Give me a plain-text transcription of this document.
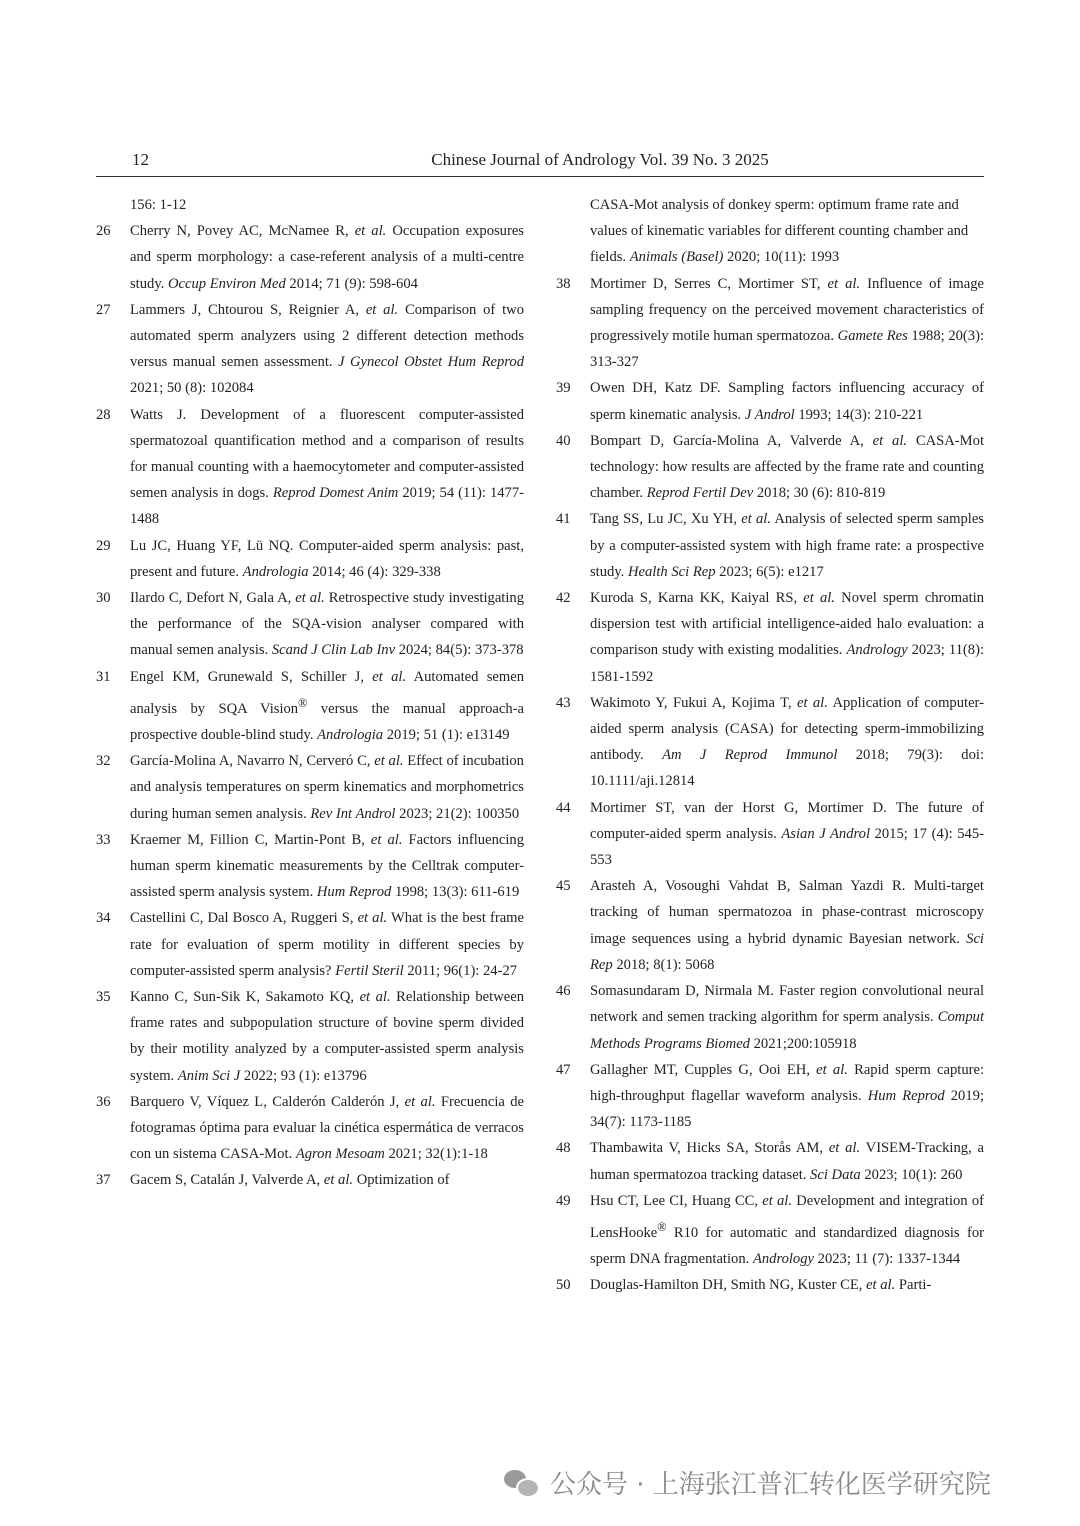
12	Chinese Journal of Andrology Vol. 39 No. 3 2025
156: 1-12
26 Cherry N, Povey AC, McNamee R, et al. Occupation exposures and sperm morphology: a case-referent analysis of a multi-centre study. Occup Environ Med 2014; 71 (9): 598-604
27 Lammers J, Chtourou S, Reignier A, et al. Comparison of two automated sperm analyzers using 2 different detection methods versus manual semen assessment. J Gynecol Obstet Hum Reprod 2021; 50 (8): 102084
28 Watts J. Development of a fluorescent computer-assisted spermatozoal quantification method and a comparison of results for manual counting with a haemocytometer and computer-assisted semen analysis in dogs. Reprod Domest Anim 2019; 54 (11): 1477-1488
29 Lu JC, Huang YF, Lü NQ. Computer-aided sperm analysis: past, present and future. Andrologia 2014; 46 (4): 329-338
30 Ilardo C, Defort N, Gala A, et al. Retrospective study investigating the performance of the SQA-vision analyser compared with manual semen analysis. Scand J Clin Lab Inv 2024; 84(5): 373-378
31 Engel KM, Grunewald S, Schiller J, et al. Automated semen analysis by SQA Vision® versus the manual approach-a prospective double-blind study. Andrologia 2019; 51 (1): e13149
32 García-Molina A, Navarro N, Cerveró C, et al. Effect of incubation and analysis temperatures on sperm kinematics and morphometrics during human semen analysis. Rev Int Androl 2023; 21(2): 100350
33 Kraemer M, Fillion C, Martin-Pont B, et al. Factors influencing human sperm kinematic measurements by the Celltrak computer-assisted sperm analysis system. Hum Reprod 1998; 13(3): 611-619
34 Castellini C, Dal Bosco A, Ruggeri S, et al. What is the best frame rate for evaluation of sperm motility in different species by computer-assisted sperm analysis? Fertil Steril 2011; 96(1): 24-27
35 Kanno C, Sun-Sik K, Sakamoto KQ, et al. Relationship between frame rates and subpopulation structure of bovine sperm divided by their motility analyzed by a computer-assisted sperm analysis system. Anim Sci J 2022; 93 (1): e13796
36 Barquero V, Víquez L, Calderón Calderón J, et al. Frecuencia de fotogramas óptima para evaluar la cinética espermática de verracos con un sistema CASA-Mot. Agron Mesoam 2021; 32(1):1-18
37 Gacem S, Catalán J, Valverde A, et al. Optimization of
CASA-Mot analysis of donkey sperm: optimum frame rate and values of kinematic variables for different counting chamber and fields. Animals (Basel) 2020; 10(11): 1993
38 Mortimer D, Serres C, Mortimer ST, et al. Influence of image sampling frequency on the perceived movement characteristics of progressively motile human spermatozoa. Gamete Res 1988; 20(3): 313-327
39 Owen DH, Katz DF. Sampling factors influencing accuracy of sperm kinematic analysis. J Androl 1993; 14(3): 210-221
40 Bompart D, García-Molina A, Valverde A, et al. CASA-Mot technology: how results are affected by the frame rate and counting chamber. Reprod Fertil Dev 2018; 30 (6): 810-819
41 Tang SS, Lu JC, Xu YH, et al. Analysis of selected sperm samples by a computer-assisted system with high frame rate: a prospective study. Health Sci Rep 2023; 6(5): e1217
42 Kuroda S, Karna KK, Kaiyal RS, et al. Novel sperm chromatin dispersion test with artificial intelligence-aided halo evaluation: a comparison study with existing modalities. Andrology 2023; 11(8): 1581-1592
43 Wakimoto Y, Fukui A, Kojima T, et al. Application of computer-aided sperm analysis (CASA) for detecting sperm-immobilizing antibody. Am J Reprod Immunol 2018; 79(3): doi: 10.1111/aji.12814
44 Mortimer ST, van der Horst G, Mortimer D. The future of computer-aided sperm analysis. Asian J Androl 2015; 17 (4): 545-553
45 Arasteh A, Vosoughi Vahdat B, Salman Yazdi R. Multi-target tracking of human spermatozoa in phase-contrast microscopy image sequences using a hybrid dynamic Bayesian network. Sci Rep 2018; 8(1): 5068
46 Somasundaram D, Nirmala M. Faster region convolutional neural network and semen tracking algorithm for sperm analysis. Comput Methods Programs Biomed 2021;200:105918
47 Gallagher MT, Cupples G, Ooi EH, et al. Rapid sperm capture: high-throughput flagellar waveform analysis. Hum Reprod 2019; 34(7): 1173-1185
48 Thambawita V, Hicks SA, Storås AM, et al. VISEM-Tracking, a human spermatozoa tracking dataset. Sci Data 2023; 10(1): 260
49 Hsu CT, Lee CI, Huang CC, et al. Development and integration of LensHooke® R10 for automatic and standardized diagnosis for sperm DNA fragmentation. Andrology 2023; 11 (7): 1337-1344
50 Douglas-Hamilton DH, Smith NG, Kuster CE, et al. Parti-
公众号 · 上海张江普汇转化医学研究院
